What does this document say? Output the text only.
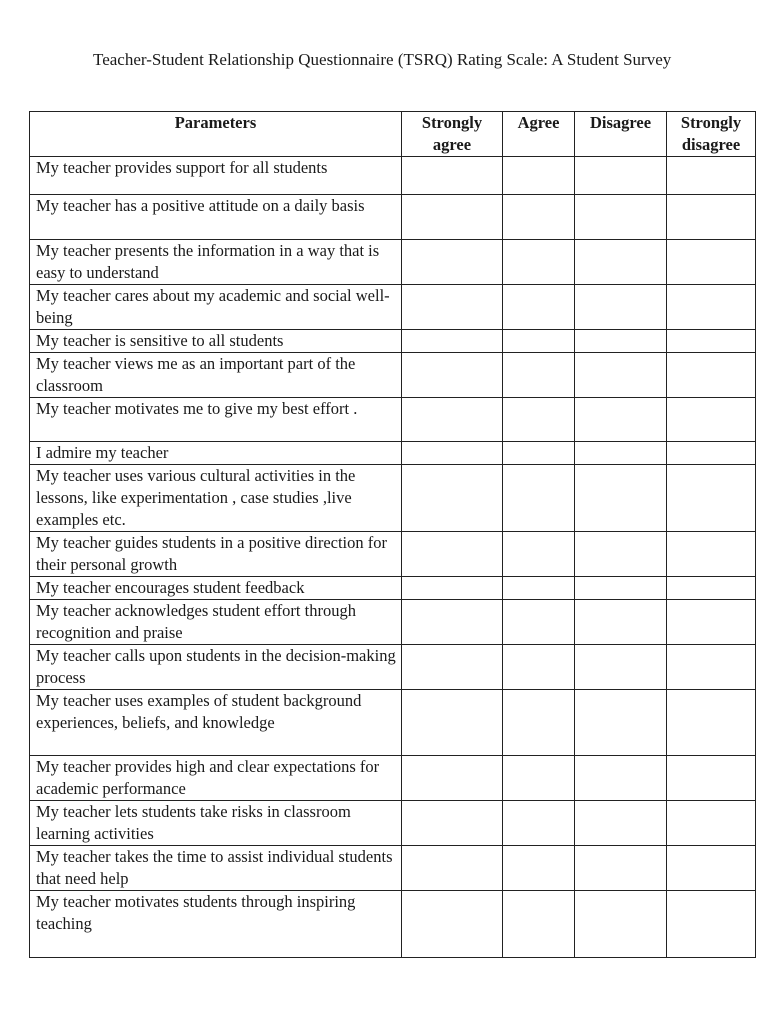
Teacher-Student Relationship Questionnaire (TSRQ) Rating Scale: A Student Survey
Parameters	Strongly agree	Agree	Disagree	Strongly disagree
My teacher provides support for all students				
My teacher has a positive attitude on a daily basis				
My teacher presents the information in a way that is easy to understand				
My teacher cares about my academic and social well-being				
My teacher is sensitive to all students				
My teacher views me as an important part of the classroom				
My teacher motivates me to give my best effort .				
I admire my teacher				
My teacher uses various cultural activities in the lessons, like experimentation , case studies ,live examples etc.				
My teacher guides students in a positive direction for their personal growth				
My teacher encourages student feedback				
My teacher acknowledges student effort through recognition and praise				
My teacher calls upon students in the decision-making process				
My teacher uses examples of student background experiences, beliefs, and knowledge				
My teacher provides high and clear expectations for academic performance				
My teacher lets students take risks in classroom learning activities				
My teacher takes the time to assist individual students that need help				
My teacher motivates students through inspiring teaching				
